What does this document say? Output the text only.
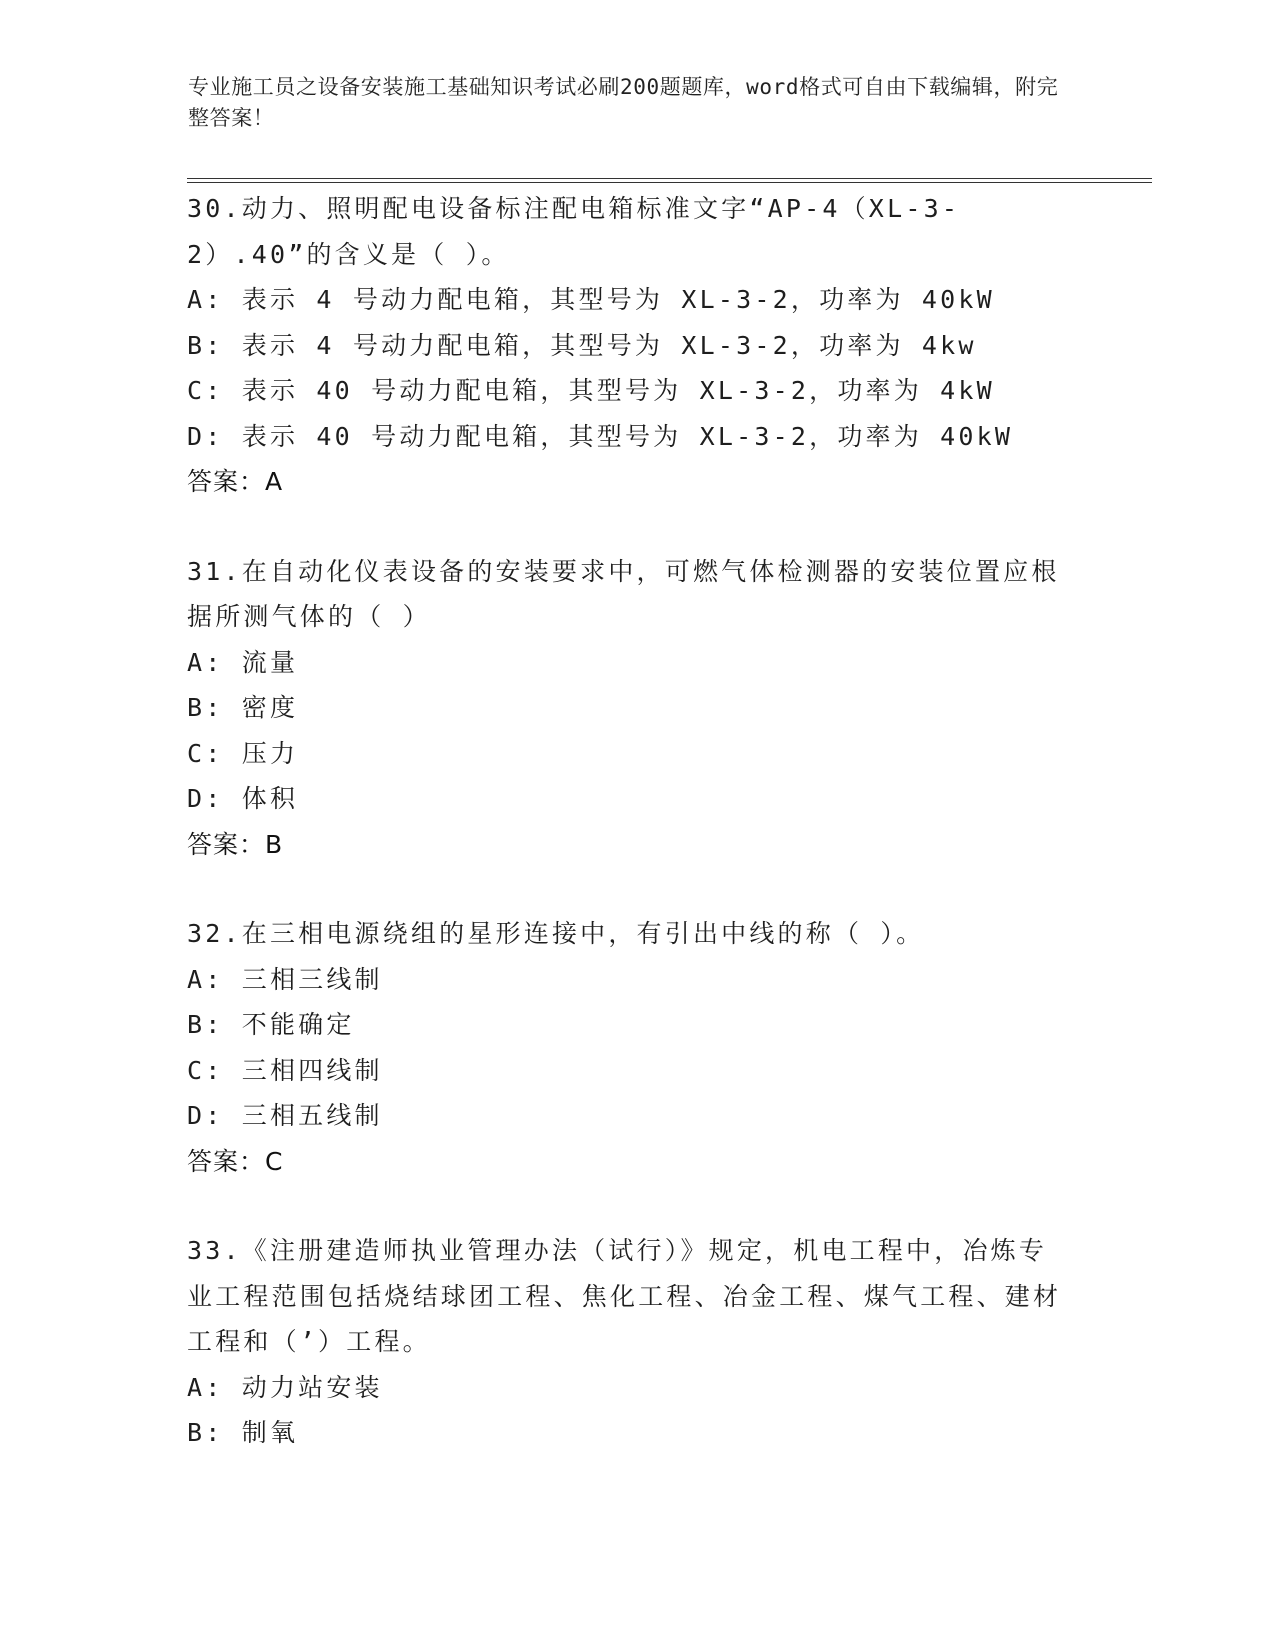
专业施工员之设备安装施工基础知识考试必刷200题题库，word格式可自由下载编辑，附完整答案！
30.动力、照明配电设备标注配电箱标准文字“AP-4（XL-3-2）.40”的含义是（ ）。
A: 表示 4 号动力配电箱，其型号为 XL-3-2，功率为 40kW
B: 表示 4 号动力配电箱，其型号为 XL-3-2，功率为 4kw
C: 表示 40 号动力配电箱，其型号为 XL-3-2，功率为 4kW
D: 表示 40 号动力配电箱，其型号为 XL-3-2，功率为 40kW
答案：A
31.在自动化仪表设备的安装要求中，可燃气体检测器的安装位置应根据所测气体的（ ）
A: 流量
B: 密度
C: 压力
D: 体积
答案：B
32.在三相电源绕组的星形连接中，有引出中线的称（ ）。
A: 三相三线制
B: 不能确定
C: 三相四线制
D: 三相五线制
答案：C
33.《注册建造师执业管理办法（试行）》规定，机电工程中，冶炼专业工程范围包括烧结球团工程、焦化工程、冶金工程、煤气工程、建材工程和（’）工程。
A: 动力站安装
B: 制氧
